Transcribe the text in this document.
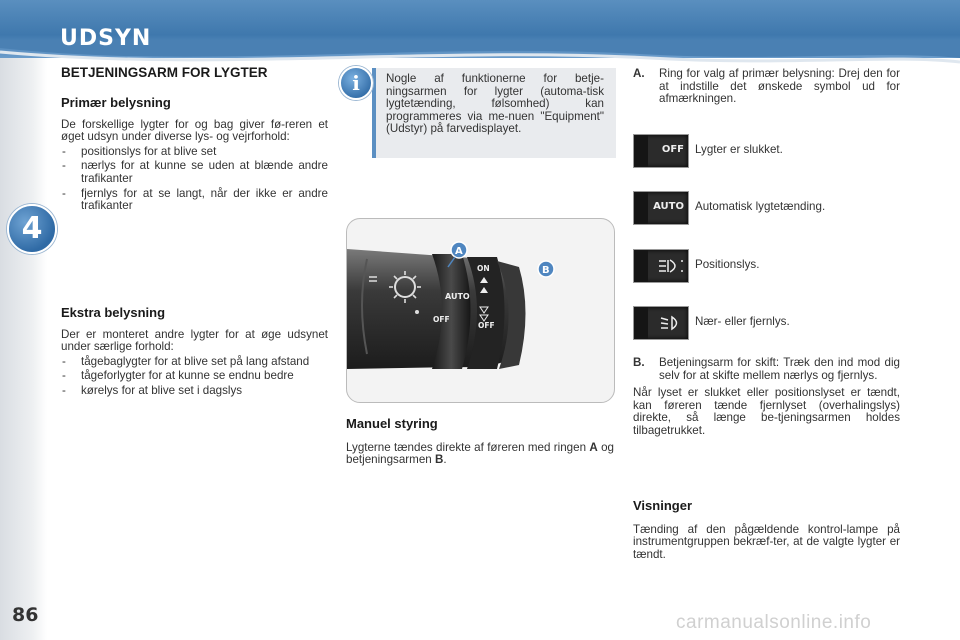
UDSYN
4
86
BETJENINGSARM FOR LYGTER
Primær belysning

De forskellige lygter for og bag giver fø-reren et øget udsyn under diverse lys- og vejrforhold:

- positionslys for at blive set

- nærlys for at kunne se uden at blænde andre trafikanter

- fjernlys for at se langt, når der ikke er andre trafikanter

Ekstra belysning

Der er monteret andre lygter for at øge udsynet under særlige forhold:

- tågebaglygter for at blive set på lang afstand

- tågeforlygter for at kunne se endnu bedre

- kørelys for at blive set i dagslys

i	Nogle af funktionerne for betje-ningsarmen for lygter (automa-tisk lygtetænding, følsomhed) kan programmeres via me-nuen "Equipment" (Udstyr) på farvedisplayet.
AUTO
OFF
ON
OFF
A
B
Manuel styring

Lygterne tændes direkte af føreren med ringen A og betjeningsarmen B.

A. Ring for valg af primær belysning: Drej den for at indstille det ønskede symbol ud for afmærkningen.

OFF Lygter er slukket.
AUTO Automatisk lygtetænding.
Positionslys.
Nær- eller fjernlys.

B. Betjeningsarm for skift: Træk den ind mod dig selv for at skifte mellem nærlys og fjernlys.

Når lyset er slukket eller positionslyset er tændt, kan føreren tænde fjernlyset (overhalingslys) direkte, så længe be-tjeningsarmen holdes tilbagetrukket.

Visninger

Tænding af den pågældende kontrol-lampe på instrumentgruppen bekræf-ter, at de valgte lygter er tændt.

carmanualsonline.info
